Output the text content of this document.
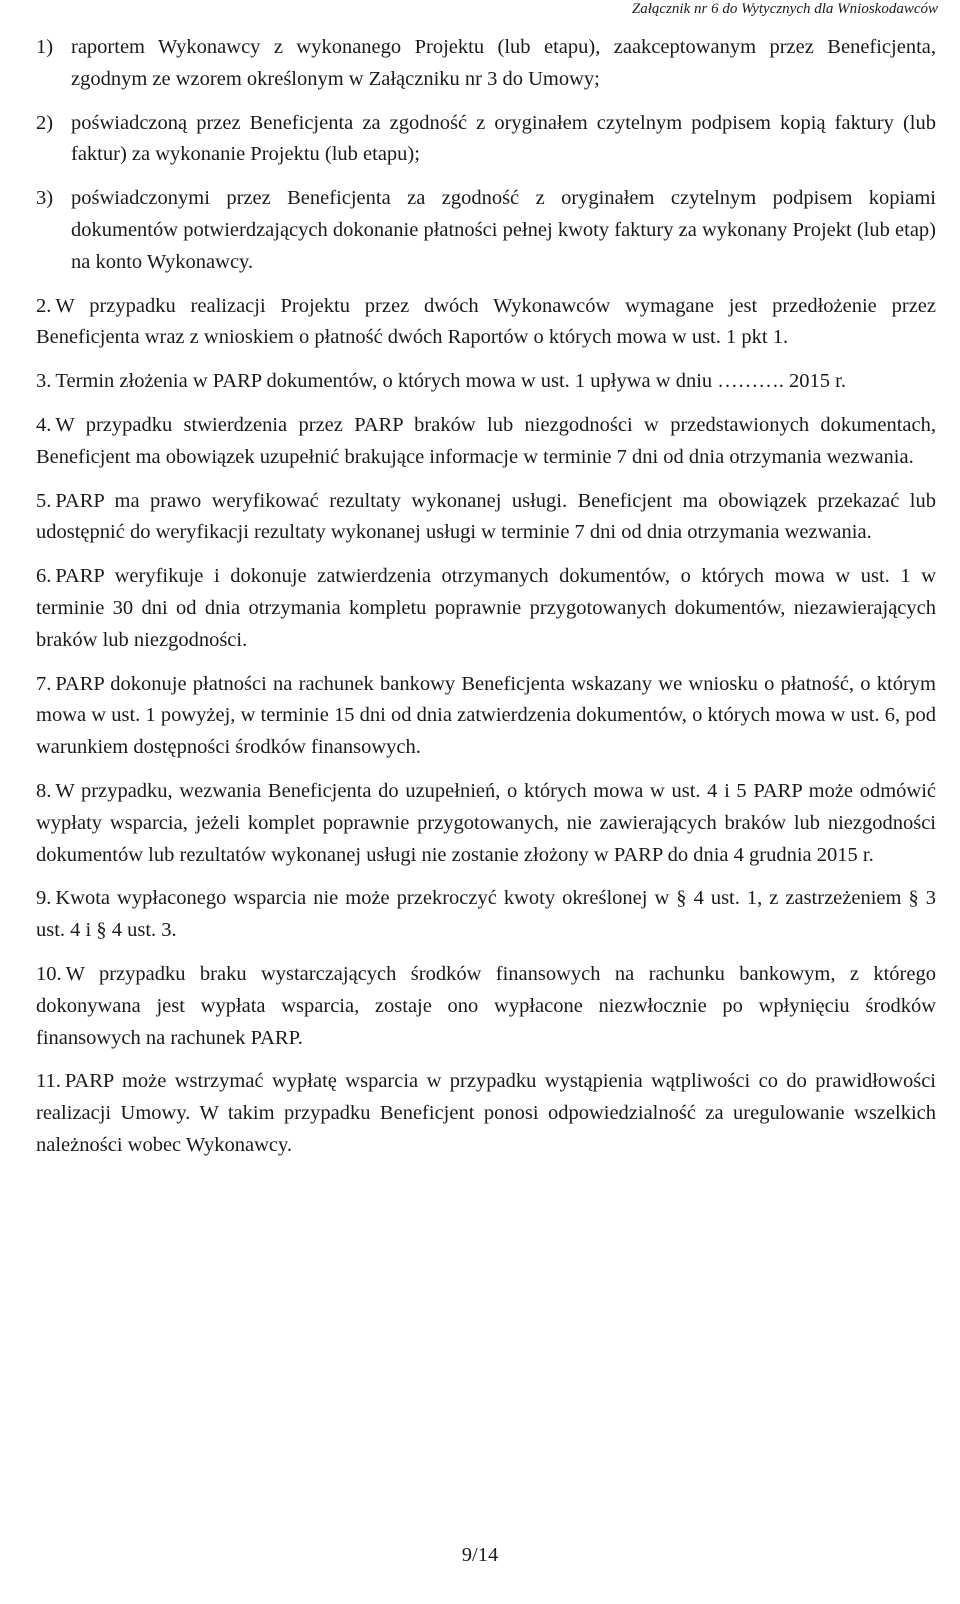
Załącznik nr 6 do Wytycznych dla Wnioskodawców
1) raportem Wykonawcy z wykonanego Projektu (lub etapu), zaakceptowanym przez Beneficjenta, zgodnym ze wzorem określonym w Załączniku nr 3 do Umowy;
2) poświadczoną przez Beneficjenta za zgodność z oryginałem czytelnym podpisem kopią faktury (lub faktur) za wykonanie Projektu (lub etapu);
3) poświadczonymi przez Beneficjenta za zgodność z oryginałem czytelnym podpisem kopiami dokumentów potwierdzających dokonanie płatności pełnej kwoty faktury za wykonany Projekt (lub etap) na konto Wykonawcy.
2. W przypadku realizacji Projektu przez dwóch Wykonawców wymagane jest przedłożenie przez Beneficjenta wraz z wnioskiem o płatność dwóch Raportów o których mowa w ust. 1 pkt 1.
3. Termin złożenia w PARP dokumentów, o których mowa w ust. 1 upływa w dniu ………. 2015 r.
4. W przypadku stwierdzenia przez PARP braków lub niezgodności w przedstawionych dokumentach, Beneficjent ma obowiązek uzupełnić brakujące informacje w terminie 7 dni od dnia otrzymania wezwania.
5. PARP ma prawo weryfikować rezultaty wykonanej usługi. Beneficjent ma obowiązek przekazać lub udostępnić do weryfikacji rezultaty wykonanej usługi w terminie 7 dni od dnia otrzymania wezwania.
6. PARP weryfikuje i dokonuje zatwierdzenia otrzymanych dokumentów, o których mowa w ust. 1 w terminie 30 dni od dnia otrzymania kompletu poprawnie przygotowanych dokumentów, niezawierających braków lub niezgodności.
7. PARP dokonuje płatności na rachunek bankowy Beneficjenta wskazany we wniosku o płatność, o którym mowa w ust. 1 powyżej, w terminie 15 dni od dnia zatwierdzenia dokumentów, o których mowa w ust. 6, pod warunkiem dostępności środków finansowych.
8. W przypadku, wezwania Beneficjenta do uzupełnień, o których mowa w ust. 4 i 5 PARP może odmówić wypłaty wsparcia, jeżeli komplet poprawnie przygotowanych, nie zawierających braków lub niezgodności dokumentów lub rezultatów wykonanej usługi nie zostanie złożony w PARP do dnia 4 grudnia 2015 r.
9. Kwota wypłaconego wsparcia nie może przekroczyć kwoty określonej w § 4 ust. 1, z zastrzeżeniem § 3 ust. 4 i § 4 ust. 3.
10. W przypadku braku wystarczających środków finansowych na rachunku bankowym, z którego dokonywana jest wypłata wsparcia, zostaje ono wypłacone niezwłocznie po wpłynięciu środków finansowych na rachunek PARP.
11. PARP może wstrzymać wypłatę wsparcia w przypadku wystąpienia wątpliwości co do prawidłowości realizacji Umowy. W takim przypadku Beneficjent ponosi odpowiedzialność za uregulowanie wszelkich należności wobec Wykonawcy.
9/14
